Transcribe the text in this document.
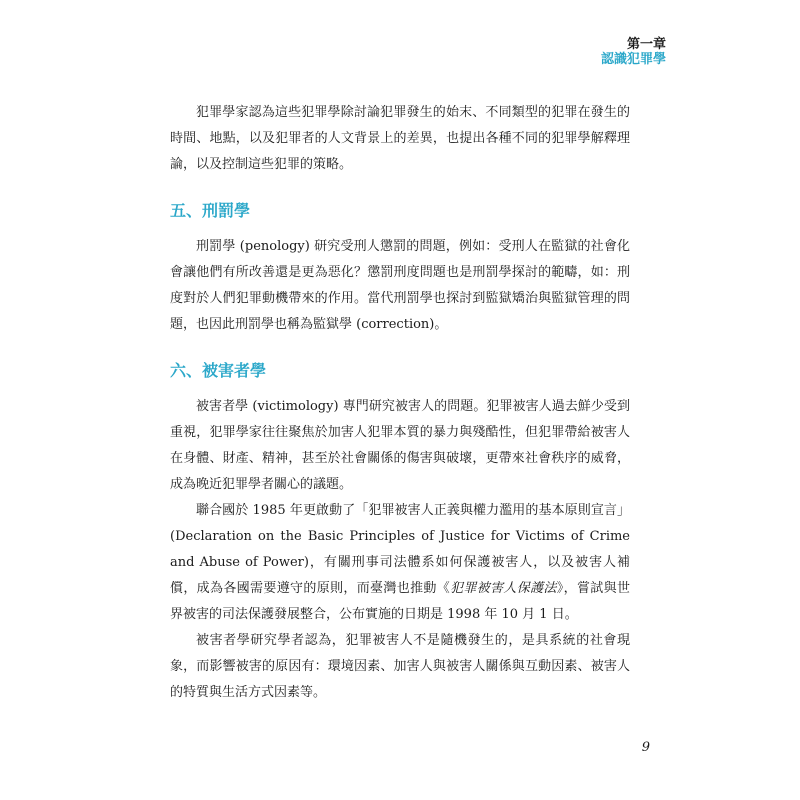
第一章
認識犯罪學

犯罪學家認為這些犯罪學除討論犯罪發生的始末、不同類型的犯罪在發生的時間、地點，以及犯罪者的人文背景上的差異，也提出各種不同的犯罪學解釋理論，以及控制這些犯罪的策略。

五、刑罰學

刑罰學 (penology) 研究受刑人懲罰的問題，例如：受刑人在監獄的社會化會讓他們有所改善還是更為惡化？懲罰刑度問題也是刑罰學探討的範疇，如：刑度對於人們犯罪動機帶來的作用。當代刑罰學也探討到監獄矯治與監獄管理的問題，也因此刑罰學也稱為監獄學 (correction)。

六、被害者學

被害者學 (victimology) 專門研究被害人的問題。犯罪被害人過去鮮少受到重視，犯罪學家往往聚焦於加害人犯罪本質的暴力與殘酷性，但犯罪帶給被害人在身體、財產、精神，甚至於社會關係的傷害與破壞，更帶來社會秩序的威脅，成為晚近犯罪學者關心的議題。

聯合國於 1985 年更啟動了「犯罪被害人正義與權力濫用的基本原則宣言」(Declaration on the Basic Principles of Justice for Victims of Crime and Abuse of Power)，有關刑事司法體系如何保護被害人，以及被害人補償，成為各國需要遵守的原則，而臺灣也推動《犯罪被害人保護法》，嘗試與世界被害的司法保護發展整合，公布實施的日期是 1998 年 10 月 1 日。

被害者學研究學者認為，犯罪被害人不是隨機發生的，是具系統的社會現象，而影響被害的原因有：環境因素、加害人與被害人關係與互動因素、被害人的特質與生活方式因素等。

9
